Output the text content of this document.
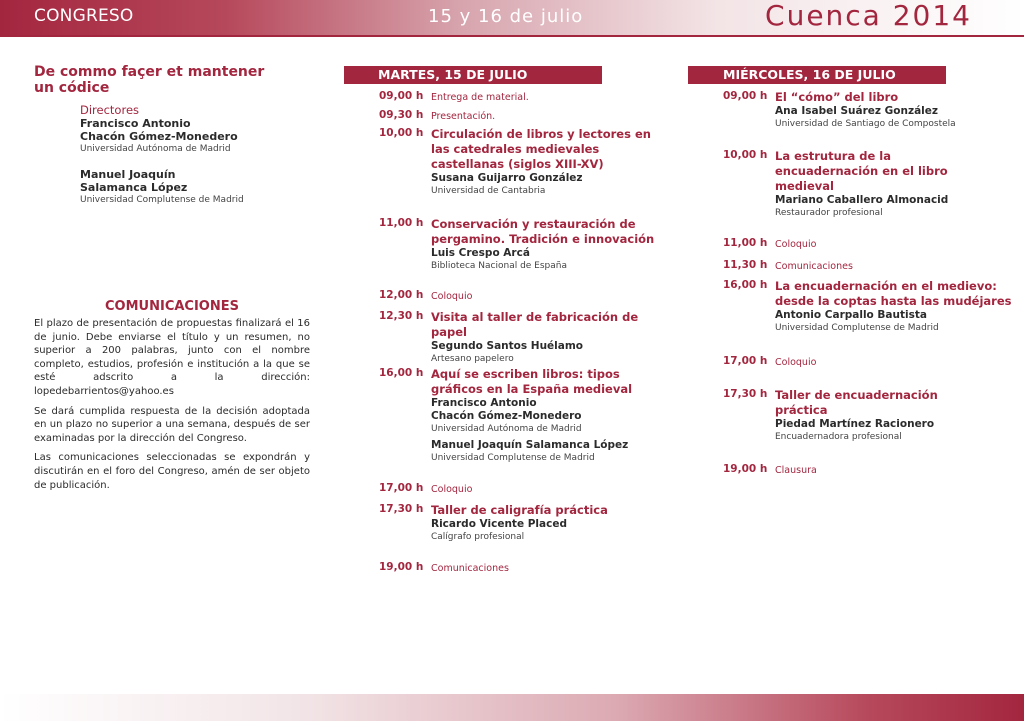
CONGRESO	15 y 16 de julio	Cuenca 2014
De commo façer et mantener
un códice
Directores
Francisco Antonio
Chacón Gómez-Monedero
Universidad Autónoma de Madrid
Manuel Joaquín
Salamanca López
Universidad Complutense de Madrid
COMUNICACIONES

El plazo de presentación de propuestas finalizará el 16 de junio. Debe enviarse el título y un resumen, no superior a 200 palabras, junto con el nombre completo, estudios, profesión e institución a la que se esté adscrito a la dirección: lopedebarrientos@yahoo.es

Se dará cumplida respuesta de la decisión adoptada en un plazo no superior a una semana, después de ser examinadas por la dirección del Congreso.

Las comunicaciones seleccionadas se expondrán y discutirán en el foro del Congreso, amén de ser objeto de publicación.

MARTES, 15 DE JULIO
09,00 h Entrega de material.
09,30 h Presentación.
10,00 h Circulación de libros y lectores en
las catedrales medievales
castellanas (siglos XIII-XV)
Susana Guijarro González
Universidad de Cantabria
11,00 h Conservación y restauración de
pergamino. Tradición e innovación
Luis Crespo Arcá
Biblioteca Nacional de España
12,00 h Coloquio
12,30 h Visita al taller de fabricación de papel
Segundo Santos Huélamo
Artesano papelero
16,00 h Aquí se escriben libros: tipos
gráficos en la España medieval
Francisco Antonio
Chacón Gómez-Monedero
Universidad Autónoma de Madrid
Manuel Joaquín Salamanca López
Universidad Complutense de Madrid
17,00 h Coloquio
17,30 h Taller de caligrafía práctica
Ricardo Vicente Placed
Calígrafo profesional
19,00 h Comunicaciones
MIÉRCOLES, 16 DE JULIO
09,00 h El “cómo” del libro
Ana Isabel Suárez González
Universidad de Santiago de Compostela
10,00 h La estrutura de la
encuadernación en el libro
medieval
Mariano Caballero Almonacid
Restaurador profesional
11,00 h Coloquio
11,30 h Comunicaciones
16,00 h La encuadernación en el medievo:
desde la coptas hasta las mudéjares
Antonio Carpallo Bautista
Universidad Complutense de Madrid
17,00 h Coloquio
17,30 h Taller de encuadernación
práctica
Piedad Martínez Racionero
Encuadernadora profesional
19,00 h Clausura
